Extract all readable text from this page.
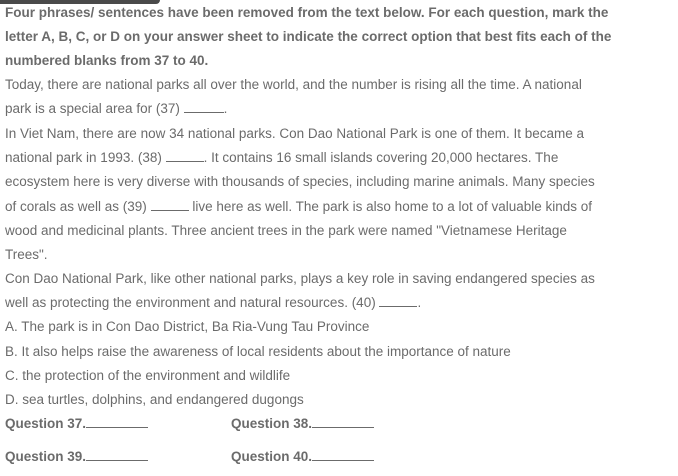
Four phrases/ sentences have been removed from the text below. For each question, mark the
letter A, B, C, or D on your answer sheet to indicate the correct option that best fits each of the
numbered blanks from 37 to 40.
Today, there are national parks all over the world, and the number is rising all the time. A national
park is a special area for (37)	.
In Viet Nam, there are now 34 national parks. Con Dao National Park is one of them. It became a
national park in 1993. (38)	. It contains 16 small islands covering 20,000 hectares. The
ecosystem here is very diverse with thousands of species, including marine animals. Many species
of corals as well as (39)	live here as well. The park is also home to a lot of valuable kinds of
wood and medicinal plants. Three ancient trees in the park were named "Vietnamese Heritage
Trees".
Con Dao National Park, like other national parks, plays a key role in saving endangered species as
well as protecting the environment and natural resources. (40)	.
A. The park is in Con Dao District, Ba Ria-Vung Tau Province
B. It also helps raise the awareness of local residents about the importance of nature
C. the protection of the environment and wildlife
D. sea turtles, dolphins, and endangered dugongs
Question 37.	Question 38.
Question 39.	Question 40.
